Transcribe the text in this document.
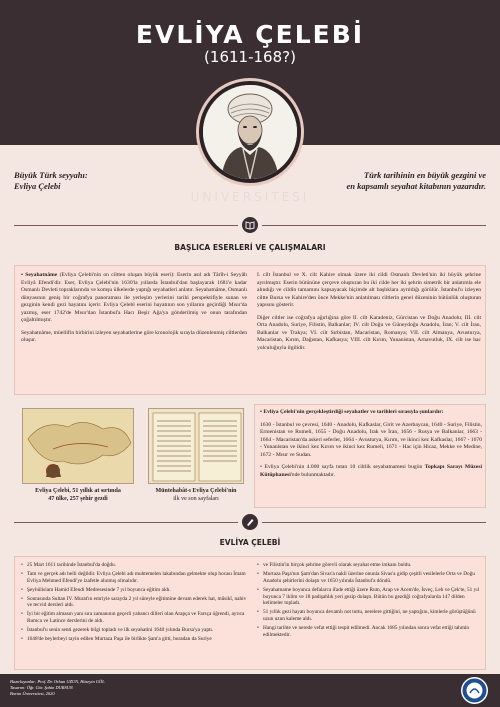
EVLİYA ÇELEBİ
(1611-168?)
Büyük Türk seyyahı:
Evliya Çelebi
Türk tarihinin en büyük gezgini ve
en kapsamlı seyahat kitabının yazarıdır.
UNIVERSITESI
BAŞLICA ESERLERİ VE ÇALIŞMALARI

• Seyahatnâme (Evliya Çelebi'nin on ciltten oluşan büyük eseri): Eserin asıl adı Târîh-i Seyyâh Evliyâ Efendi'dir. Eser, Evliya Çelebi'nin 1630'la yıllarda İstanbul'dan başlayarak 1681'e kadar Osmanlı Devleti topraklarında ve komşu ülkelerde yaptığı seyahatleri anlatır. Seyahatnâme, Osmanlı dünyasının geniş bir coğrafya panoraması ile yerleşim yerlerini tarihi perspektifiyle sunan ve gezginin kendi gezi hayatını içerir. Evliya Çelebi eserini hayatının son yıllarını geçirdiği Mısır'da yazmış, eser 1742'de Mısır'dan İstanbul'a Hacı Beşir Ağa'ya gönderilmiş ve onun tarafından çoğaltılmıştır.

Seyahatnâme, müellifin birbirini izleyen seyahatlerine göre kronolojik sırayla düzenlenmiş ciltlerden oluşur.

I. cilt İstanbul ve X. cilt Kahire olmak üzere iki cildi Osmanlı Devleti'nin iki büyük şehrine ayrılmıştır. Eserin bütününe çerçeve oluşturan bu iki cilde her iki şehrin simetrik bir anlatımla ele alındığı ve cildin tamamını kapsayacak biçimde alt başlıklara ayrıldığı görülür. İstanbul'u izleyen ciltte Bursa ve Kahire'den önce Mekke'nin anlatılması ciltlerin genel düzeninin bütünlük oluşturan yapısını gösterir.

Diğer ciltler ise coğrafya ağırlığına göre II. cilt Karadeniz, Gürcistan ve Doğu Anadolu; III. cilt Orta Anadolu, Suriye, Filistin, Balkanlar; IV. cilt Doğu ve Güneydoğu Anadolu, İran; V. cilt İran, Balkanlar ve Trakya; VI. cilt Sırbistan, Macaristan, Romanya; VII. cilt Almanya, Avusturya, Macaristan, Kırım, Dağıstan, Kafkasya; VIII. cilt Kırım, Yunanistan, Arnavutluk, IX. cilt ise hac yolculuğuyla ilgilidir.

Evliya Çelebi, 51 yıllık at sırtında
47 ülke, 257 şehir gezdi
Müntehabât-ı Evliya Çelebi'nin
ilk ve son sayfaları

• Evliya Çelebi'nin gerçekleştirdiği seyahatler ve tarihleri sırasıyla şunlardır:

1630 - İstanbul ve çevresi, 1640 - Anadolu, Kafkaslar, Girit ve Azerbaycan, 1640 - Suriye, Filistin, Ermenistan ve Rumeli, 1655 - Doğu Anadolu, Irak ve İran, 1656 - Rusya ve Balkanlar, 1663 - 1664 - Macaristan'da askeri seferler, 1664 - Avusturya, Kırım, ve ikinci kez Kafkaslar, 1667 - 1670 - Yunanistan ve ikinci kez Kırım ve ikinci kez Rumeli, 1671 - Hac için Hicaz, Mekke ve Medine, 1672 - Mısır ve Sudan.

• Evliya Çelebi'nin 4.000 sayfa tutan 10 ciltlik seyahatnamesi bugün Topkapı Sarayı Müzesi Kütüphanesi'nde bulunmaktadır.

EVLİYA ÇELEBİ
• 25 Mart 1611 tarihinde İstanbul'da doğdu.
• Tam ve gerçek adı belli değildir. Evliya Çelebi adı muhtemelen lakabından gelmekte olup hocası İmam Evliya Mehmed Efendi'ye izafetle alınmış olmalıdır.
• Şeyhülislam Hamid Efendi Medresesinde 7 yıl boyunca eğitim aldı.
• Sonrasında Sultan IV. Murat'ın emriyle sarayda 2 yıl süreyle eğitimine devam ederek hat, mûsikî, nahiv ve tecvid dersleri aldı.
• İyi bir eğitim almasın yanı sıra zamanının geçerli yabancı dilleri olan Arapça ve Farsça öğrendi, ayrıca Rumca ve Latince derslerini de aldı.
• İstanbul'u senin senti gezerek bilgi topladı ve ilk seyahatini 1640 yılında Bursa'ya yaptı.
• 1648'de beylerbeyi tayin edilen Murtaza Paşa ile birlikte Şam'a gitti, buradan da Suriye
• ve Filistin'in birçok şehrine görevli olarak seyahat etme imkanı buldu.
• Murtaza Paşa'nın Şam'dan Sivas'a nakli üzerine onunla Sivas'a gidip çeşitli vesilelerle Orta ve Doğu Anadolu şehirlerini dolaştı ve 1650 yılında İstanbul'a döndü.
• Seyahatname boyunca defalarca ifade ettiği üzere Rum, Arap ve Acem'de, İsveç, Leh ve Çek'te, 51 yıl boyunca 7 iklim ve 18 padişahlık yeri gezip dolaştı. Bütün bu gezdiği coğrafyalarda 147 dilden kelimeler topladı.
• 51 yıllık gezi hayatı boyunca devamlı not tuttu, nerelere gittiğini, ne yaptığını, kimlerle görüştüğünü uzun uzun kaleme aldı.
• Hangi tarihte ve nerede vefat ettiği tespit edilmedi. Ancak 1685 yılından sonra vefat ettiği tahmin edilmektedir.
Hazırlayanlar: Prof. Dr. Orhan UZUN, Hüseyin GÖL
Tasarım: Öğr. Gör. Şahin DURSUN
Bartın Üniversitesi, 2020
